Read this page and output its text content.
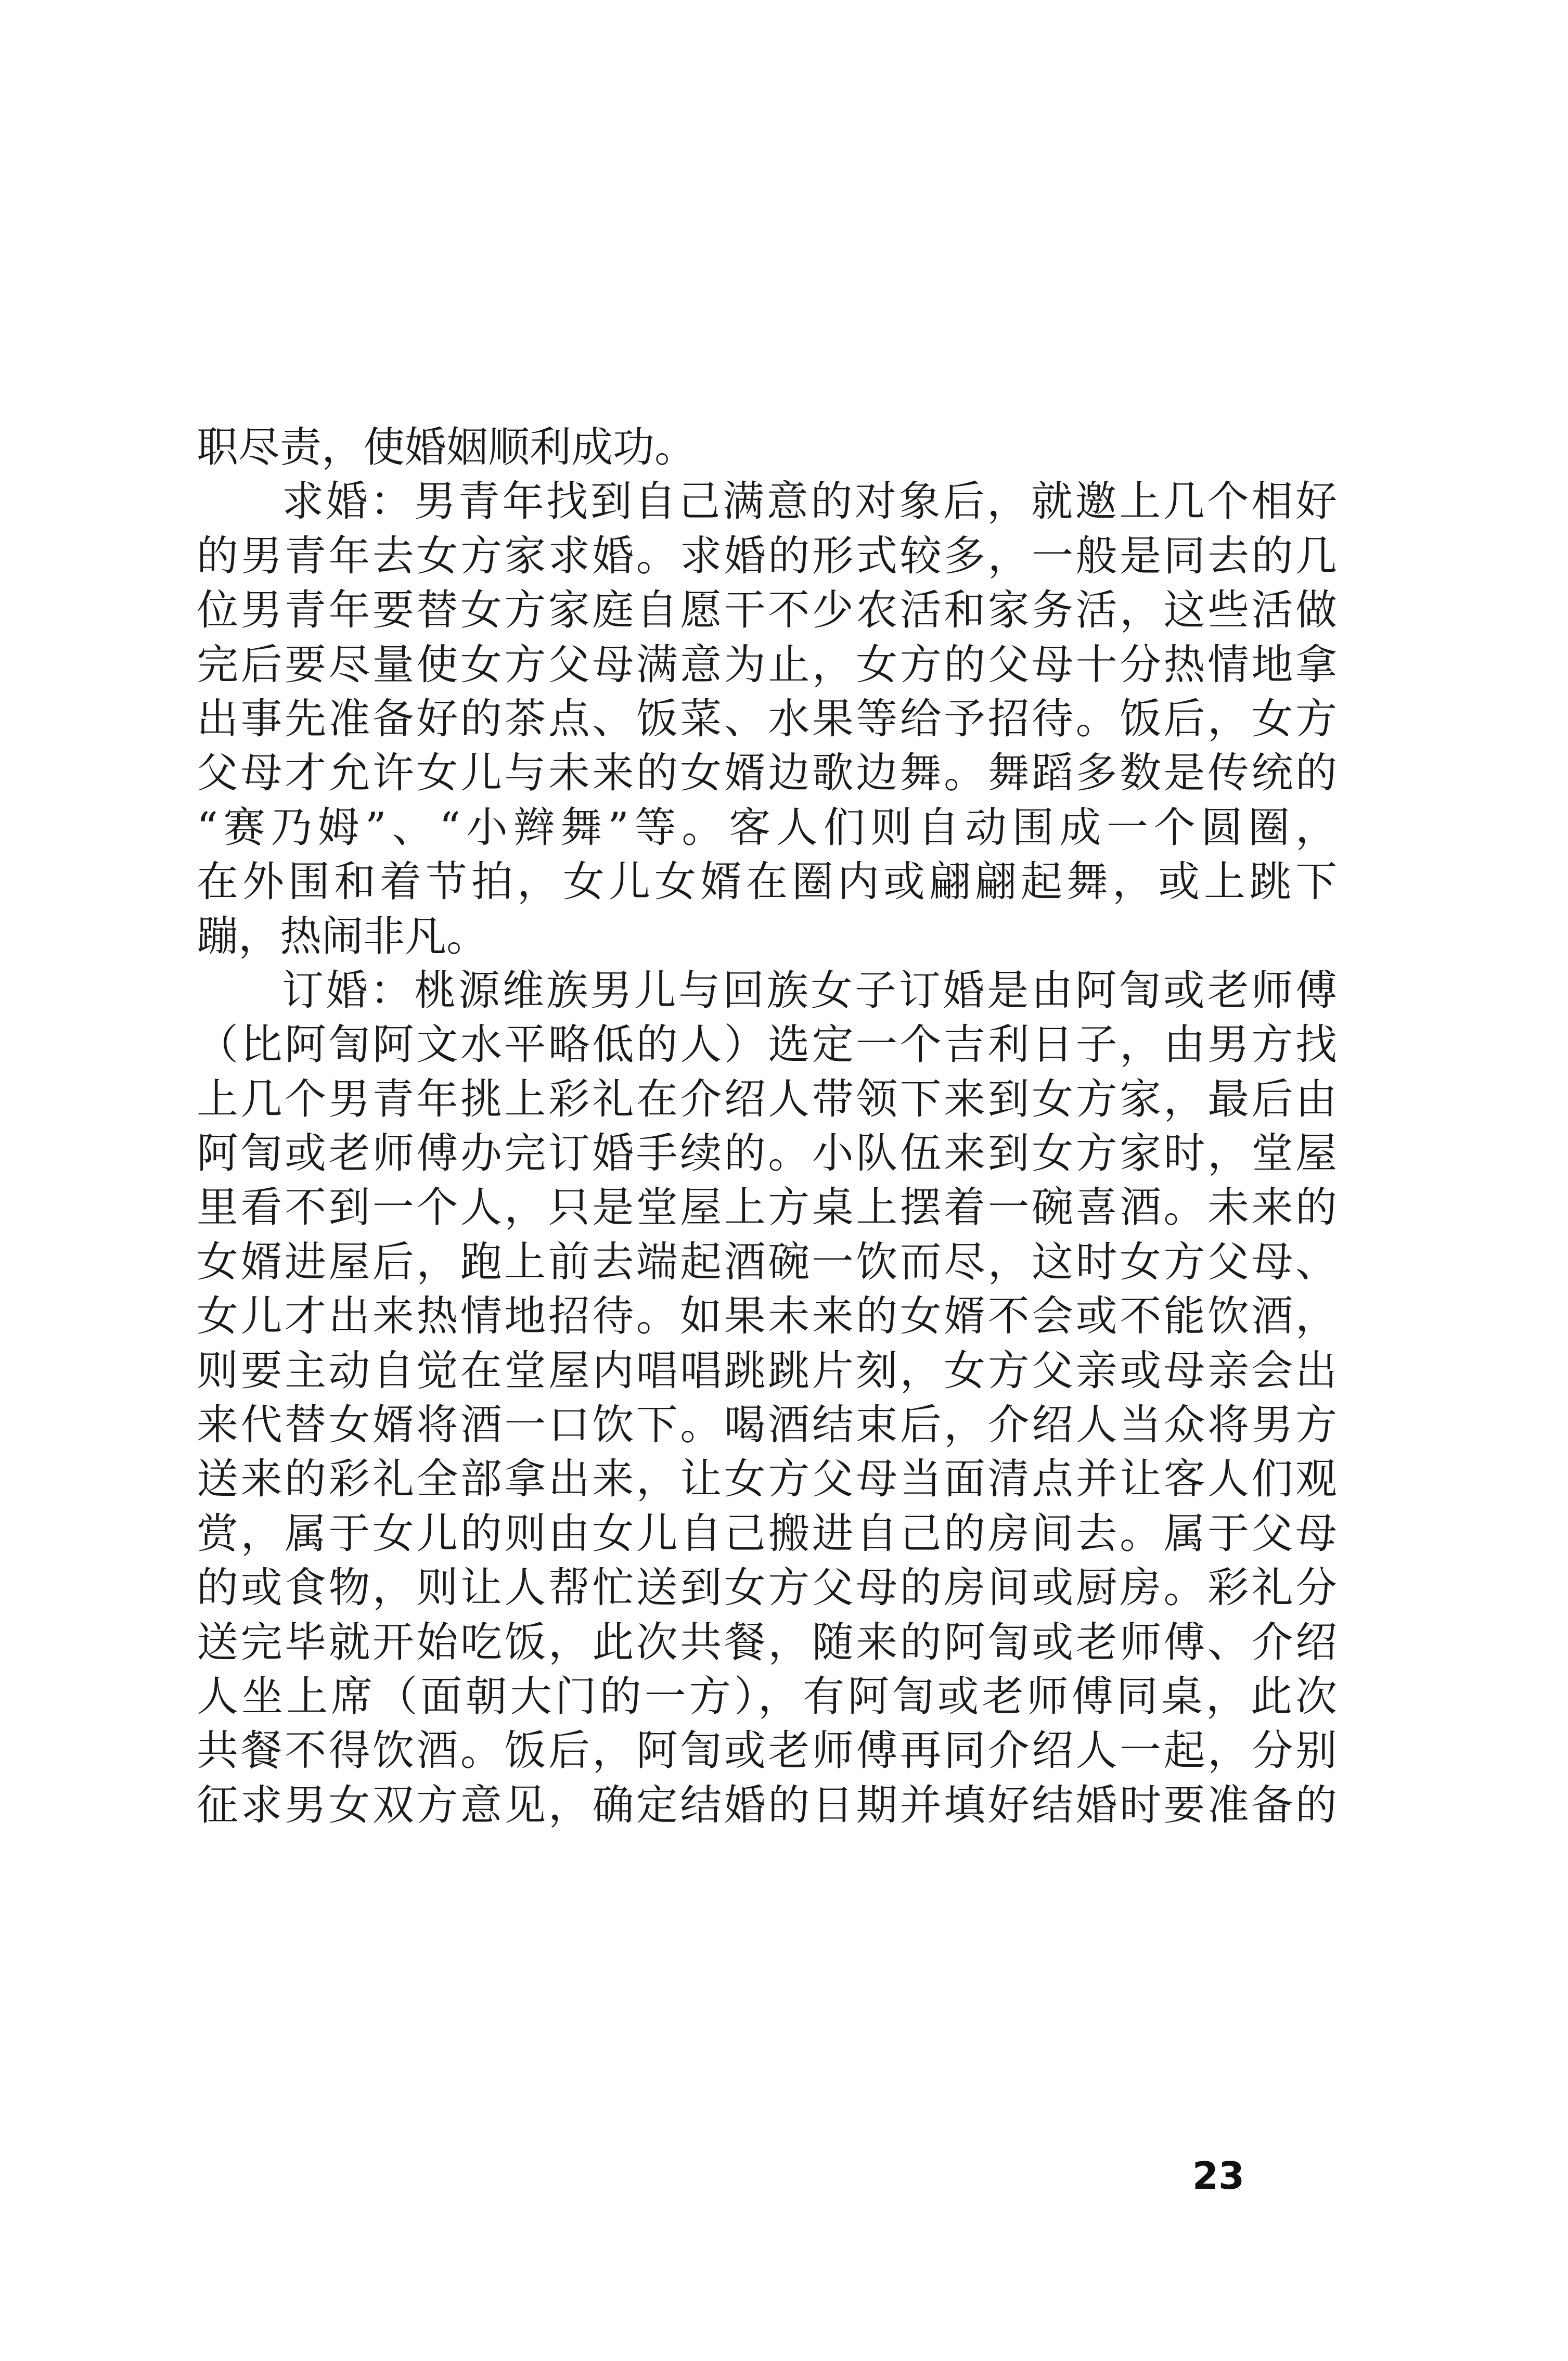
职尽责，使婚姻顺利成功。
求婚：男青年找到自己满意的对象后，就邀上几个相好
的男青年去女方家求婚。求婚的形式较多，一般是同去的几
位男青年要替女方家庭自愿干不少农活和家务活，这些活做
完后要尽量使女方父母满意为止，女方的父母十分热情地拿
出事先准备好的茶点、饭菜、水果等给予招待。饭后，女方
父母才允许女儿与未来的女婿边歌边舞。舞蹈多数是传统的
“赛乃姆”、“小辫舞”等。客人们则自动围成一个圆圈，
在外围和着节拍，女儿女婿在圈内或翩翩起舞，或上跳下
蹦，热闹非凡。
订婚：桃源维族男儿与回族女子订婚是由阿訇或老师傅
（比阿訇阿文水平略低的人）选定一个吉利日子，由男方找
上几个男青年挑上彩礼在介绍人带领下来到女方家，最后由
阿訇或老师傅办完订婚手续的。小队伍来到女方家时，堂屋
里看不到一个人，只是堂屋上方桌上摆着一碗喜酒。未来的
女婿进屋后，跑上前去端起酒碗一饮而尽，这时女方父母、
女儿才出来热情地招待。如果未来的女婿不会或不能饮酒，
则要主动自觉在堂屋内唱唱跳跳片刻，女方父亲或母亲会出
来代替女婿将酒一口饮下。喝酒结束后，介绍人当众将男方
送来的彩礼全部拿出来，让女方父母当面清点并让客人们观
赏，属于女儿的则由女儿自己搬进自己的房间去。属于父母
的或食物，则让人帮忙送到女方父母的房间或厨房。彩礼分
送完毕就开始吃饭，此次共餐，随来的阿訇或老师傅、介绍
人坐上席（面朝大门的一方），有阿訇或老师傅同桌，此次
共餐不得饮酒。饭后，阿訇或老师傅再同介绍人一起，分别
征求男女双方意见，确定结婚的日期并填好结婚时要准备的
23
